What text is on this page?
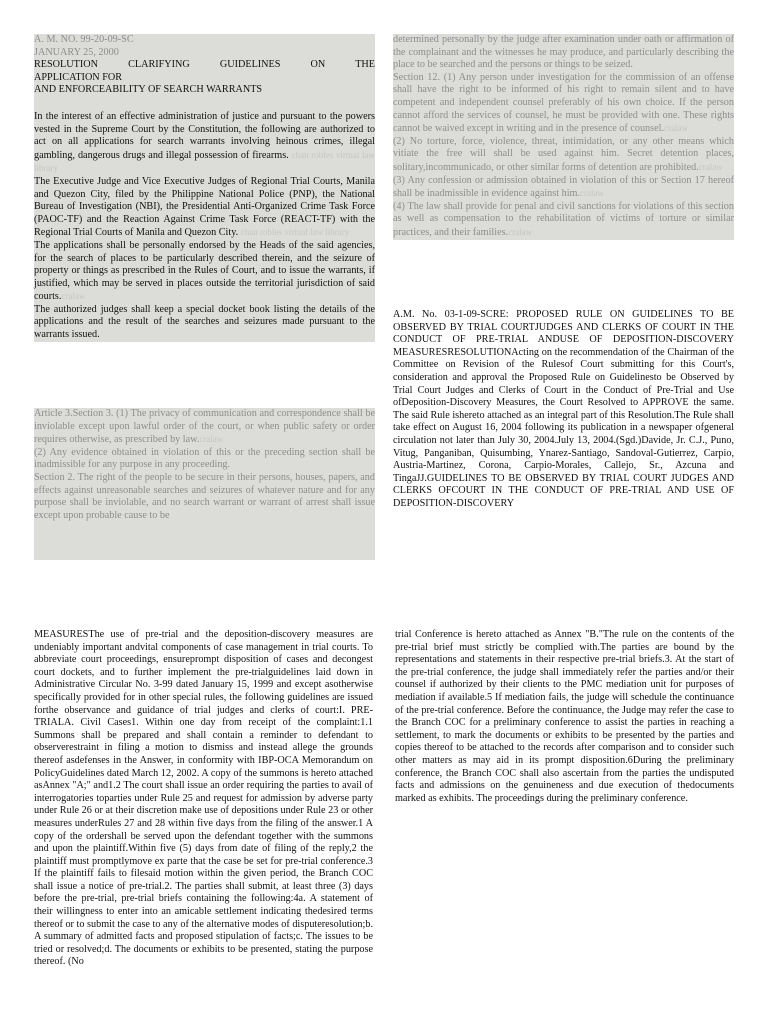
A. M. NO. 99-20-09-SC

JANUARY 25, 2000

RESOLUTION CLARIFYING GUIDELINES ON THE

APPLICATION FOR

AND ENFORCEABILITY OF SEARCH WARRANTS

In the interest of an effective administration of justice and pursuant to the powers vested in the Supreme Court by the Constitution, the following are authorized to act on all applications for search warrants involving heinous crimes, illegal gambling, dangerous drugs and illegal possession of firearms. chan robles virtual law library

The Executive Judge and Vice Executive Judges of Regional Trial Courts, Manila and Quezon City, filed by the Philippine National Police (PNP), the National Bureau of Investigation (NBI), the Presidential Anti-Organized Crime Task Force (PAOC-TF) and the Reaction Against Crime Task Force (REACT-TF) with the Regional Trial Courts of Manila and Quezon City. chan robles virtual law library

The applications shall be personally endorsed by the Heads of the said agencies, for the search of places to be particularly described therein, and the seizure of property or things as prescribed in the Rules of Court, and to issue the warrants, if justified, which may be served in places outside the territorial jurisdiction of said courts.cralaw

The authorized judges shall keep a special docket book listing the details of the applications and the result of the searches and seizures made pursuant to the warrants issued.

Article 3.Section 3. (1) The privacy of communication and correspondence shall be inviolable except upon lawful order of the court, or when public safety or order requires otherwise, as prescribed by law.cralaw

(2) Any evidence obtained in violation of this or the preceding section shall be inadmissible for any purpose in any proceeding.

Section 2. The right of the people to be secure in their persons, houses, papers, and effects against unreasonable searches and seizures of whatever nature and for any purpose shall be inviolable, and no search warrant or warrant of arrest shall issue except upon probable cause to be

determined personally by the judge after examination under oath or affirmation of the complainant and the witnesses he may produce, and particularly describing the place to be searched and the persons or things to be seized.

Section 12. (1) Any person under investigation for the commission of an offense shall have the right to be informed of his right to remain silent and to have competent and independent counsel preferably of his own choice. If the person cannot afford the services of counsel, he must be provided with one. These rights cannot be waived except in writing and in the presence of counsel.cralaw

(2) No torture, force, violence, threat, intimidation, or any other means which vitiate the free will shall be used against him. Secret detention places, solitary,incommunicado, or other similar forms of detention are prohibited.cralaw

(3) Any confession or admission obtained in violation of this or Section 17 hereof shall be inadmissible in evidence against him.cralaw

(4) The law shall provide for penal and civil sanctions for violations of this section as well as compensation to the rehabilitation of victims of torture or similar practices, and their families.cralaw

A.M. No. 03-1-09-SCRE: PROPOSED RULE ON GUIDELINES TO BE OBSERVED BY TRIAL COURTJUDGES AND CLERKS OF COURT IN THE CONDUCT OF PRE-TRIAL ANDUSE OF DEPOSITION-DISCOVERY MEASURESRESOLUTIONActing on the recommendation of the Chairman of the Committee on Revision of the Rulesof Court submitting for this Court's, consideration and approval the Proposed Rule on Guidelinesto be Observed by Trial Court Judges and Clerks of Court in the Conduct of Pre-Trial and Use ofDeposition-Discovery Measures, the Court Resolved to APPROVE the same. The said Rule ishereto attached as an integral part of this Resolution.The Rule shall take effect on August 16, 2004 following its publication in a newspaper ofgeneral circulation not later than July 30, 2004.July 13, 2004.(Sgd.)Davide, Jr. C.J., Puno, Vitug, Panganiban, Quisumbing, Ynarez-Santiago, Sandoval-Gutierrez, Carpio, Austria-Martinez, Corona, Carpio-Morales, Callejo, Sr., Azcuna and TingaJJ.GUIDELINES TO BE OBSERVED BY TRIAL COURT JUDGES AND CLERKS OFCOURT IN THE CONDUCT OF PRE-TRIAL AND USE OF DEPOSITION-DISCOVERY

MEASURESThe use of pre-trial and the deposition-discovery measures are undeniably important andvital components of case management in trial courts. To abbreviate court proceedings, ensureprompt disposition of cases and decongest court dockets, and to further implement the pre-trialguidelines laid down in Administrative Circular No. 3-99 dated January 15, 1999 and except asotherwise specifically provided for in other special rules, the following guidelines are issued forthe observance and guidance of trial judges and clerks of court:I. PRE-TRIALA. Civil Cases1. Within one day from receipt of the complaint:1.1 Summons shall be prepared and shall contain a reminder to defendant to observerestraint in filing a motion to dismiss and instead allege the grounds thereof asdefenses in the Answer, in conformity with IBP-OCA Memorandum on PolicyGuidelines dated March 12, 2002. A copy of the summons is hereto attached asAnnex "A;" and1.2 The court shall issue an order requiring the parties to avail of interrogatories toparties under Rule 25 and request for admission by adverse party under Rule 26 or at their discretion make use of depositions under Rule 23 or other measures underRules 27 and 28 within five days from the filing of the answer.1 A copy of the ordershall be served upon the defendant together with the summons and upon the plaintiff.Within five (5) days from date of filing of the reply,2 the plaintiff must promptlymove ex parte that the case be set for pre-trial conference.3 If the plaintiff fails to filesaid motion within the given period, the Branch COC shall issue a notice of pre-trial.2. The parties shall submit, at least three (3) days before the pre-trial, pre-trial briefs containing the following:4a. A statement of their willingness to enter into an amicable settlement indicating thedesired terms thereof or to submit the case to any of the alternative modes of disputeresolution;b. A summary of admitted facts and proposed stipulation of facts;c. The issues to be tried or resolved;d. The documents or exhibits to be presented, stating the purpose thereof. (No

trial Conference is hereto attached as Annex "B."The rule on the contents of the pre-trial brief must strictly be complied with.The parties are bound by the representations and statements in their respective pre-trial briefs.3. At the start of the pre-trial conference, the judge shall immediately refer the parties and/or their counsel if authorized by their clients to the PMC mediation unit for purposes of mediation if available.5 If mediation fails, the judge will schedule the continuance of the pre-trial conference. Before the continuance, the Judge may refer the case to the Branch COC for a preliminary conference to assist the parties in reaching a settlement, to mark the documents or exhibits to be presented by the parties and copies thereof to be attached to the records after comparison and to consider such other matters as may aid in its prompt disposition.6During the preliminary conference, the Branch COC shall also ascertain from the parties the undisputed facts and admissions on the genuineness and due execution of thedocuments marked as exhibits. The proceedings during the preliminary conference.
